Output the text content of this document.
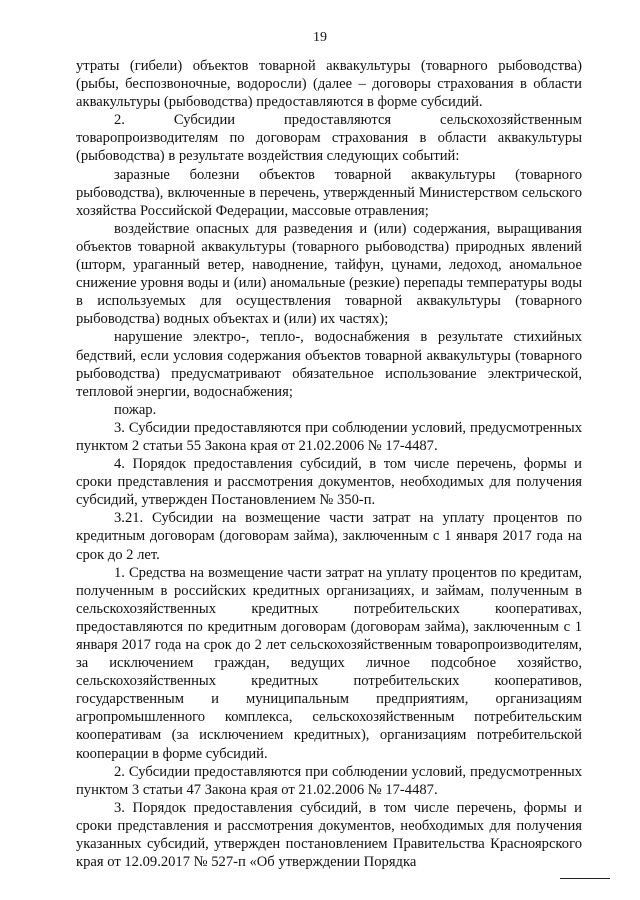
19

утраты (гибели) объектов товарной аквакультуры (товарного рыбоводства) (рыбы, беспозвоночные, водоросли) (далее – договоры страхования в области аквакультуры (рыбоводства) предоставляются в форме субсидий.

2. Субсидии предоставляются сельскохозяйственным товаропроизводителям по договорам страхования в области аквакультуры (рыбоводства) в результате воздействия следующих событий:

заразные болезни объектов товарной аквакультуры (товарного рыбоводства), включенные в перечень, утвержденный Министерством сельского хозяйства Российской Федерации, массовые отравления;

воздействие опасных для разведения и (или) содержания, выращивания объектов товарной аквакультуры (товарного рыбоводства) природных явлений (шторм, ураганный ветер, наводнение, тайфун, цунами, ледоход, аномальное снижение уровня воды и (или) аномальные (резкие) перепады температуры воды в используемых для осуществления товарной аквакультуры (товарного рыбоводства) водных объектах и (или) их частях);

нарушение электро-, тепло-, водоснабжения в результате стихийных бедствий, если условия содержания объектов товарной аквакультуры (товарного рыбоводства) предусматривают обязательное использование электрической, тепловой энергии, водоснабжения;

пожар.

3. Субсидии предоставляются при соблюдении условий, предусмотренных пунктом 2 статьи 55 Закона края от 21.02.2006 № 17-4487.

4. Порядок предоставления субсидий, в том числе перечень, формы и сроки представления и рассмотрения документов, необходимых для получения субсидий, утвержден Постановлением № 350-п.

3.21. Субсидии на возмещение части затрат на уплату процентов по кредитным договорам (договорам займа), заключенным с 1 января 2017 года на срок до 2 лет.

1. Средства на возмещение части затрат на уплату процентов по кредитам, полученным в российских кредитных организациях, и займам, полученным в сельскохозяйственных кредитных потребительских кооперативах, предоставляются по кредитным договорам (договорам займа), заключенным с 1 января 2017 года на срок до 2 лет сельскохозяйственным товаропроизводителям, за исключением граждан, ведущих личное подсобное хозяйство, сельскохозяйственных кредитных потребительских кооперативов, государственным и муниципальным предприятиям, организациям агропромышленного комплекса, сельскохозяйственным потребительским кооперативам (за исключением кредитных), организациям потребительской кооперации в форме субсидий.

2. Субсидии предоставляются при соблюдении условий, предусмотренных пунктом 3 статьи 47 Закона края от 21.02.2006 № 17-4487.

3. Порядок предоставления субсидий, в том числе перечень, формы и сроки представления и рассмотрения документов, необходимых для получения указанных субсидий, утвержден постановлением Правительства Красноярского края от 12.09.2017 № 527-п «Об утверждении Порядка
